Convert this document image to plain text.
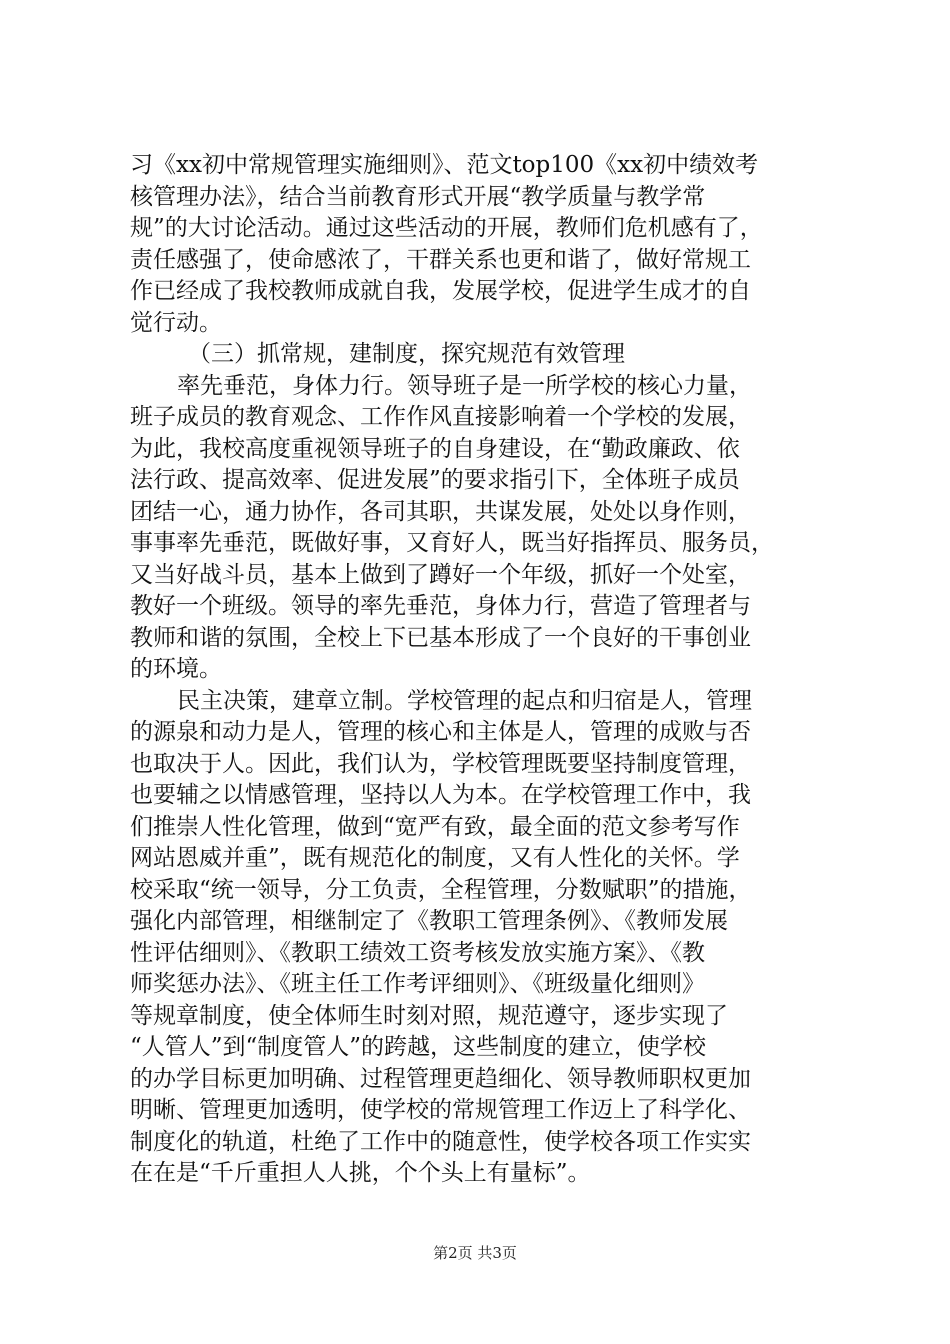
习《xx初中常规管理实施细则》、范文top100《xx初中绩效考
核管理办法》，结合当前教育形式开展“教学质量与教学常
规”的大讨论活动。通过这些活动的开展，教师们危机感有了，
责任感强了，使命感浓了，干群关系也更和谐了，做好常规工
作已经成了我校教师成就自我，发展学校，促进学生成才的自
觉行动。
（三）抓常规，建制度，探究规范有效管理
率先垂范，身体力行。领导班子是一所学校的核心力量，
班子成员的教育观念、工作作风直接影响着一个学校的发展，
为此，我校高度重视领导班子的自身建设，在“勤政廉政、依
法行政、提高效率、促进发展”的要求指引下，全体班子成员
团结一心，通力协作，各司其职，共谋发展，处处以身作则，
事事率先垂范，既做好事，又育好人，既当好指挥员、服务员，
又当好战斗员，基本上做到了蹲好一个年级，抓好一个处室，
教好一个班级。领导的率先垂范，身体力行，营造了管理者与
教师和谐的氛围，全校上下已基本形成了一个良好的干事创业
的环境。
民主决策，建章立制。学校管理的起点和归宿是人，管理
的源泉和动力是人，管理的核心和主体是人，管理的成败与否
也取决于人。因此，我们认为，学校管理既要坚持制度管理，
也要辅之以情感管理，坚持以人为本。在学校管理工作中，我
们推崇人性化管理，做到“宽严有致，最全面的范文参考写作
网站恩威并重”，既有规范化的制度，又有人性化的关怀。学
校采取“统一领导，分工负责，全程管理，分数赋职”的措施，
强化内部管理，相继制定了《教职工管理条例》、《教师发展
性评估细则》、《教职工绩效工资考核发放实施方案》、《教
师奖惩办法》、《班主任工作考评细则》、《班级量化细则》
等规章制度，使全体师生时刻对照，规范遵守，逐步实现了
“人管人”到“制度管人”的跨越，这些制度的建立，使学校
的办学目标更加明确、过程管理更趋细化、领导教师职权更加
明晰、管理更加透明，使学校的常规管理工作迈上了科学化、
制度化的轨道，杜绝了工作中的随意性，使学校各项工作实实
在在是“千斤重担人人挑，个个头上有量标”。
第2页 共3页
